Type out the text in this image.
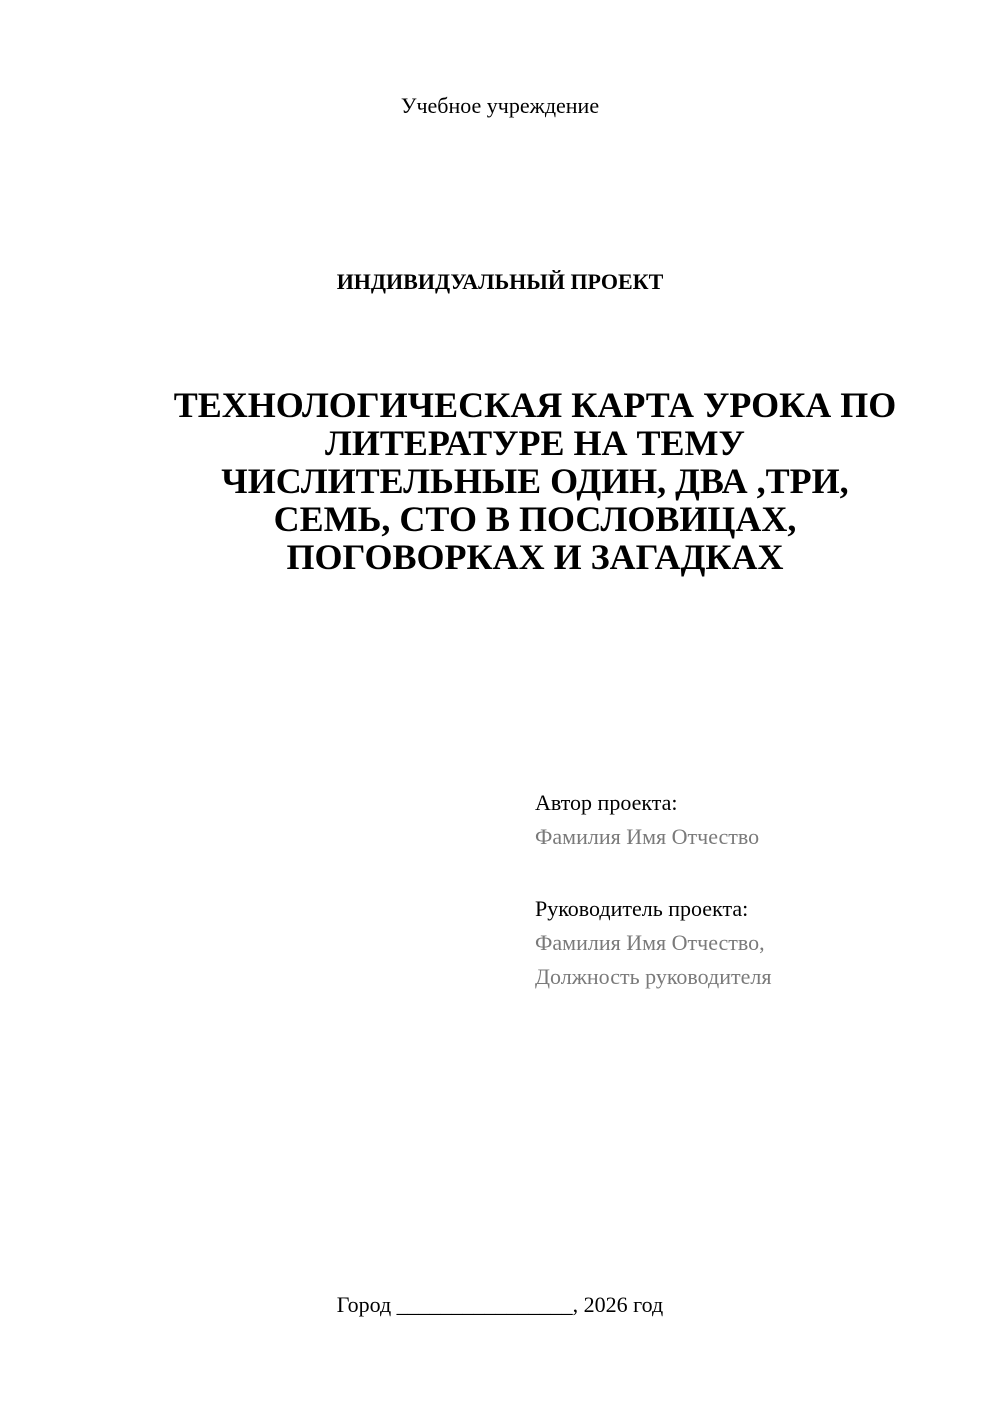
Учебное учреждение
ИНДИВИДУАЛЬНЫЙ ПРОЕКТ
ТЕХНОЛОГИЧЕСКАЯ КАРТА УРОКА ПО
ЛИТЕРАТУРЕ НА ТЕМУ
ЧИСЛИТЕЛЬНЫЕ ОДИН, ДВА ,ТРИ,
СЕМЬ, СТО В ПОСЛОВИЦАХ,
ПОГОВОРКАХ И ЗАГАДКАХ
Автор проекта:
Фамилия Имя Отчество
Руководитель проекта:
Фамилия Имя Отчество,
Должность руководителя
Город ________________, 2026 год
